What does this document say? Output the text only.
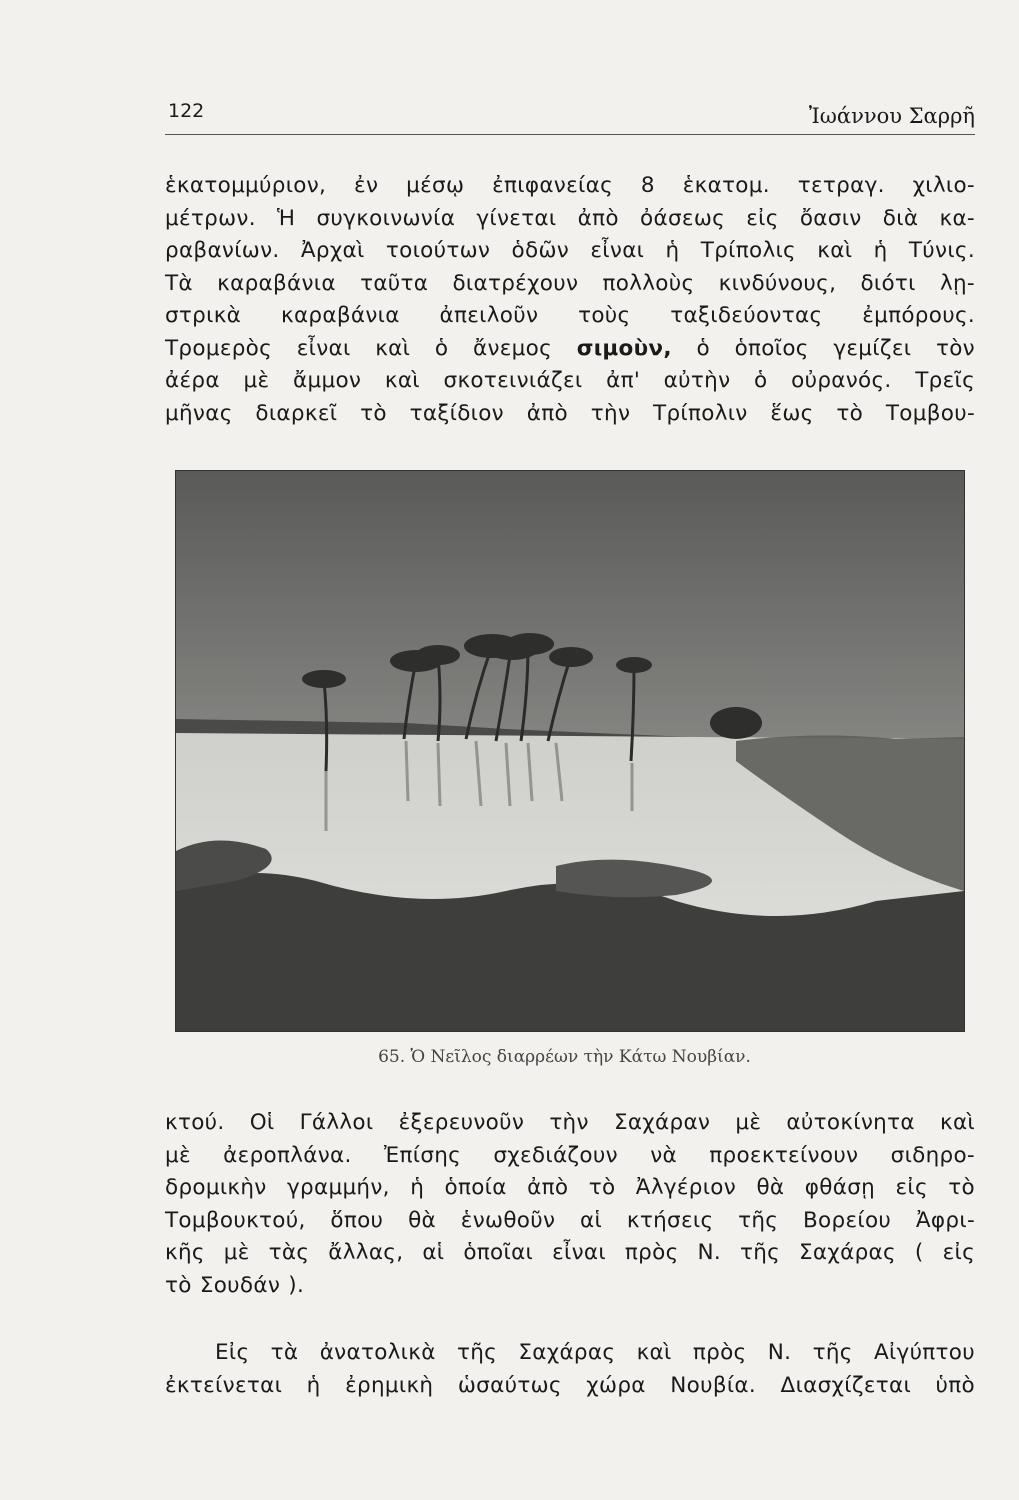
122	Ἰωάννου Σαρρῆ
ἑκατομμύριον, ἐν μέσῳ ἐπιφανείας 8 ἑκατομ. τετραγ. χιλιο-
μέτρων. Ἡ συγκοινωνία γίνεται ἀπὸ ὀάσεως εἰς ὄασιν διὰ κα-
ραβανίων. Ἀρχαὶ τοιούτων ὁδῶν εἶναι ἡ Τρίπολις καὶ ἡ Τύνις.
Τὰ καραβάνια ταῦτα διατρέχουν πολλοὺς κινδύνους, διότι λῃ-
στρικὰ καραβάνια ἀπειλοῦν τοὺς ταξιδεύοντας ἐμπόρους.
Τρομερὸς εἶναι καὶ ὁ ἄνεμος σιμοὺν, ὁ ὁποῖος γεμίζει τὸν
ἀέρα μὲ ἄμμον καὶ σκοτεινιάζει ἀπ' αὐτὴν ὁ οὐρανός. Τρεῖς
μῆνας διαρκεῖ τὸ ταξίδιον ἀπὸ τὴν Τρίπολιν ἕως τὸ Τομβου-
65. Ὁ Νεῖλος διαρρέων τὴν Κάτω Νουβίαν.
κτού. Οἱ Γάλλοι ἐξερευνοῦν τὴν Σαχάραν μὲ αὐτοκίνητα καὶ
μὲ ἀεροπλάνα. Ἐπίσης σχεδιάζουν νὰ προεκτείνουν σιδηρο-
δρομικὴν γραμμήν, ἡ ὁποία ἀπὸ τὸ Ἀλγέριον θὰ φθάσῃ εἰς τὸ
Τομβουκτού, ὅπου θὰ ἑνωθοῦν αἱ κτήσεις τῆς Βορείου Ἀφρι-
κῆς μὲ τὰς ἄλλας, αἱ ὁποῖαι εἶναι πρὸς Ν. τῆς Σαχάρας ( εἰς
τὸ Σουδάν ).
Εἰς τὰ ἀνατολικὰ τῆς Σαχάρας καὶ πρὸς Ν. τῆς Αἰγύπτου
ἐκτείνεται ἡ ἐρημικὴ ὡσαύτως χώρα Νουβία. Διασχίζεται ὑπὸ
